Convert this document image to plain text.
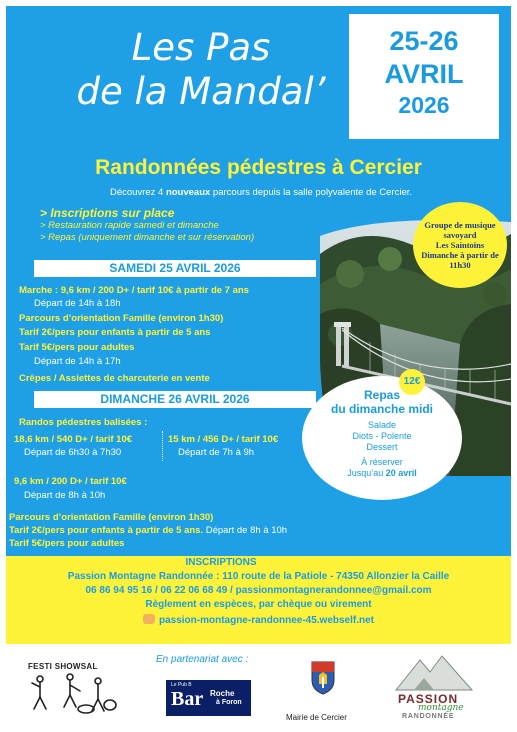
Les Pas
de la Mandal’
25-26
AVRIL
2026
Randonnées pédestres à Cercier
Découvrez 4 nouveaux parcours depuis la salle polyvalente de Cercier.
> Inscriptions sur place
> Restauration rapide samedi et dimanche
> Repas (uniquement dimanche et sur réservation)
Groupe de musique
savoyard
Les Saintoins
Dimanche à partir de
11h30
SAMEDI 25 AVRIL 2026
Marche : 9,6 km / 200 D+ / tarif 10€ à partir de 7 ans
Départ de 14h à 18h
Parcours d’orientation Famille (environ 1h30)
Tarif 2€/pers pour enfants à partir de 5 ans
Tarif 5€/pers pour adultes
Départ de 14h à 17h
Crêpes / Assiettes de charcuterie en vente
DIMANCHE 26 AVRIL 2026
Randos pédestres balisées :
18,6 km / 540 D+ / tarif 10€
Départ de 6h30 à 7h30
15 km / 456 D+ / tarif 10€
Départ de 7h à 9h
9,6 km / 200 D+ / tarif 10€
Départ de 8h à 10h
Parcours d’orientation Famille (environ 1h30)
Tarif 2€/pers pour enfants à partir de 5 ans. Départ de 8h à 10h
Tarif 5€/pers pour adultes
Repas
du dimanche midi
Salade
Diots - Polente
Dessert
À réserver
Jusqu’au 20 avril
12€
INSCRIPTIONS
Passion Montagne Randonnée : 110 route de la Patiole - 74350 Allonzier la Caille
06 86 94 95 16 / 06 22 06 68 49 / passionmontagnerandonnee@gmail.com
Règlement en espèces, par chèque ou virement
passion-montagne-randonnee-45.webself.net
En partenariat avec :
FESTI SHOWSAL
Le Pub B
Bar Roche
à Foron
Mairie de Cercier
PASSION
montagne
RANDONNÉE
